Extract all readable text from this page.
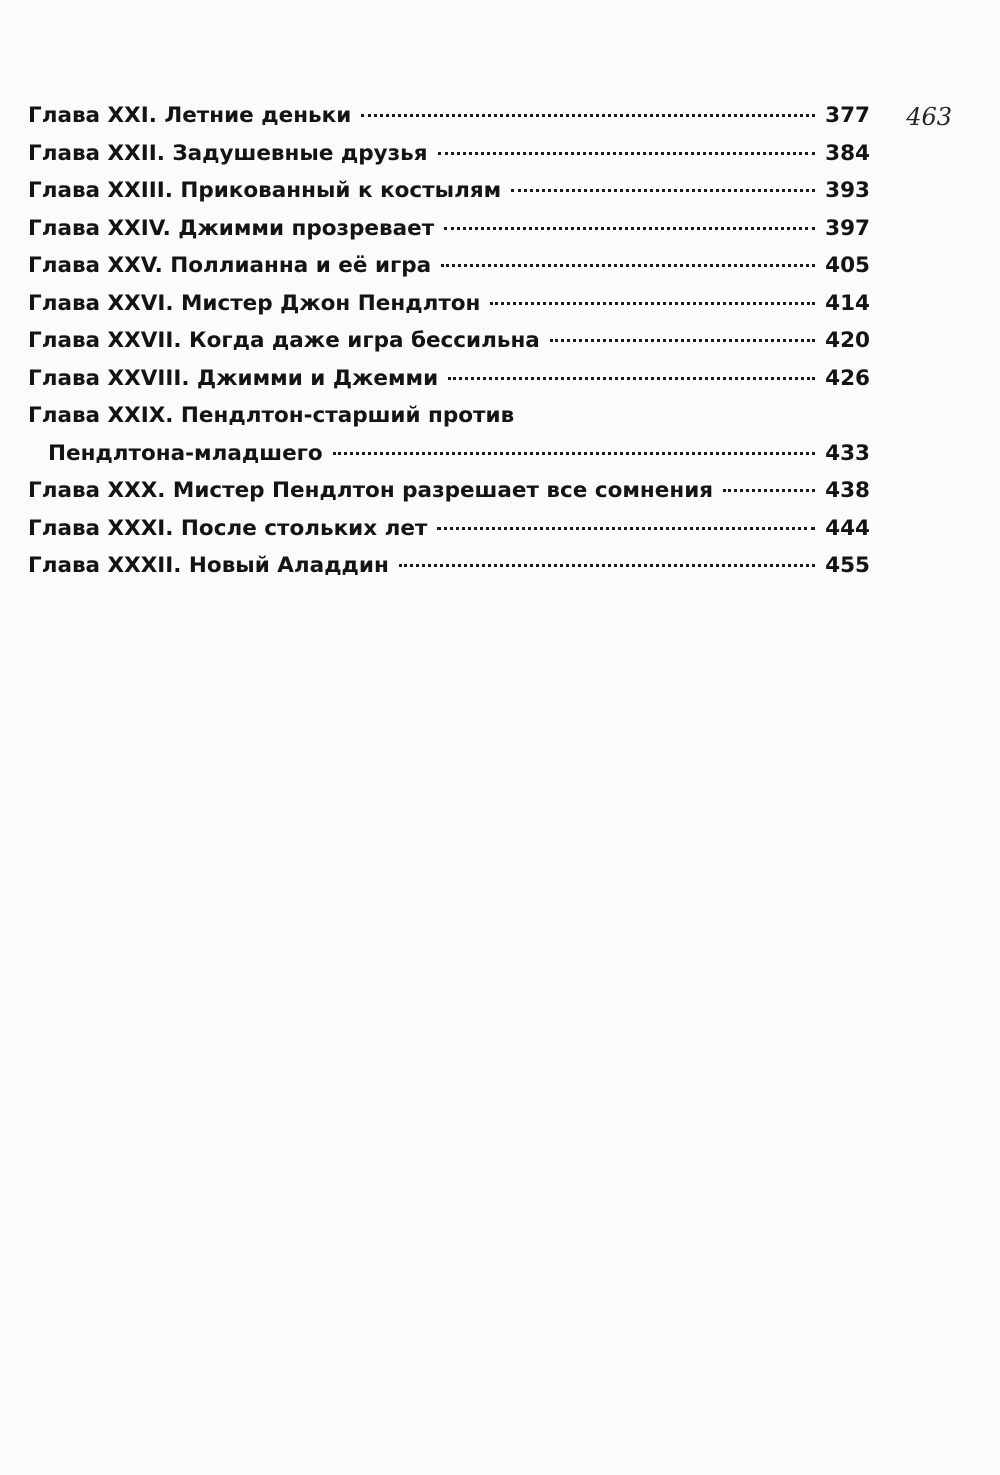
463
Глава XXI. Летние деньки	377
Глава XXII. Задушевные друзья	384
Глава XXIII. Прикованный к костылям	393
Глава XXIV. Джимми прозревает	397
Глава XXV. Поллианна и её игра	405
Глава XXVI. Мистер Джон Пендлтон	414
Глава XXVII. Когда даже игра бессильна	420
Глава XXVIII. Джимми и Джемми	426
Глава XXIX. Пендлтон-старший против
Пендлтона-младшего	433
Глава XXX. Мистер Пендлтон разрешает все сомнения	438
Глава XXXI. После стольких лет	444
Глава XXXII. Новый Аладдин	455
